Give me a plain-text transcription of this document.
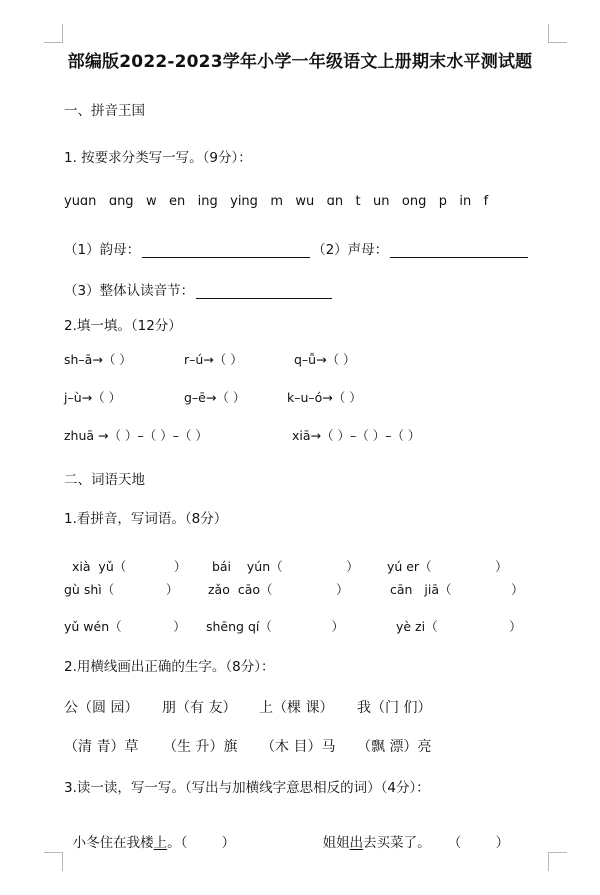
部编版2022-2023学年小学一年级语文上册期末水平测试题
一、拼音王国
1. 按要求分类写一写。（9分）：
yuɑn   ɑng   w   en   ing   ying   m   wu   ɑn   t   un   ong   p   in   f
（1）韵母：	（2）声母：
（3）整体认读音节：
2.填一填。（12分）
sh–ā→（ ）	r–ú→（ ）	q–ǚ→（ ）
j–ù→（ ）	g–ē→（ ）	k–u–ó→（ ）
zhuā →（ ）–（ ）–（ ）	xiā→（ ）–（ ）–（ ）
二、词语天地
1.看拼音，写词语。（8分）

xià  yǔ（            ） bái    yún（                ） yú er（                ）

gù shì（             ） zǎo  cāo（                ）	cān   jiā（               ）
yǔ wén（             ） shēng qí（               ）	yè zi（                  ）
2.用横线画出正确的生字。（8分）：
公（圆 园） 朋（有 友） 上（棵 课） 我（门 们）
（清 青）草 （生 升）旗 （木 目）马 （飘 漂）亮
3.读一读，写一写。（写出与加横线字意思相反的词）（4分）：

小冬住在我楼上。（        ）	姐姐出去买菜了。    （        ）
